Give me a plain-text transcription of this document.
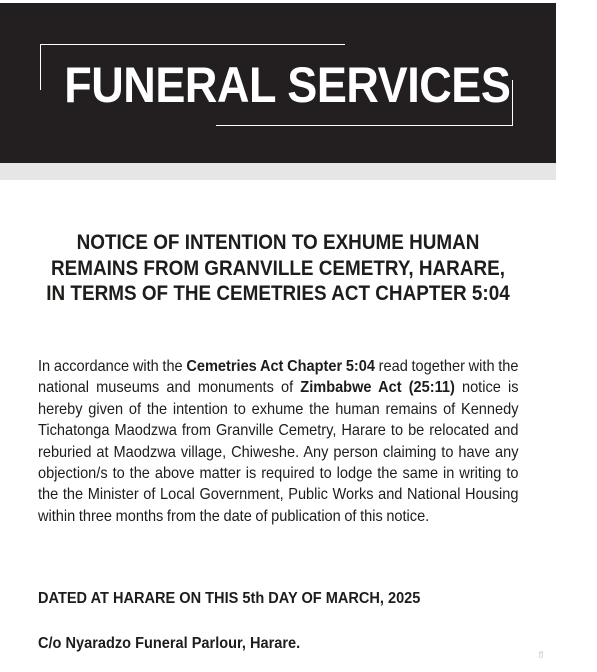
FUNERAL SERVICES
NOTICE OF INTENTION TO EXHUME HUMAN
REMAINS FROM GRANVILLE CEMETRY, HARARE,
IN TERMS OF THE CEMETRIES ACT CHAPTER 5:04
In accordance with the Cemetries Act Chapter 5:04 read together with the national museums and monuments of Zimbabwe Act (25:11) notice is hereby given of the intention to exhume the human remains of Kennedy Tichatonga Maodzwa from Granville Cemetry, Harare to be relocated and reburied at Maodzwa village, Chiweshe. Any person claiming to have any objection/s to the above matter is required to lodge the same in writing to the the Minister of Local Government, Public Works and National Housing within three months from the date of publication of this notice.
DATED AT HARARE ON THIS 5th DAY OF MARCH, 2025
C/o Nyaradzo Funeral Parlour, Harare.
cs
